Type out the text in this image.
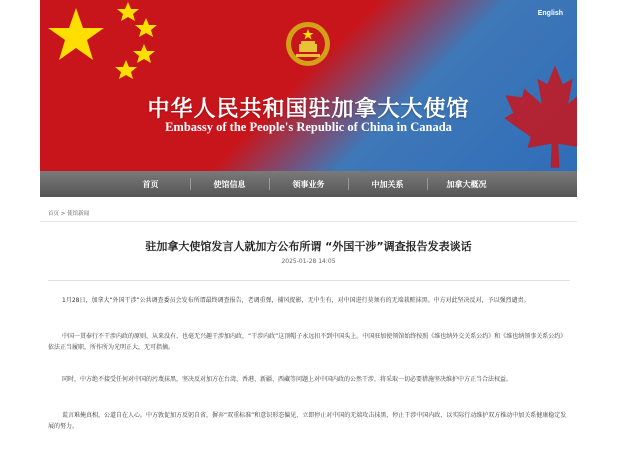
English
中华人民共和国驻加拿大大使馆
Embassy of the People's Republic of China in Canada
首页	使馆信息	领事业务	中加关系	加拿大概况
首页 > 使馆新闻
驻加拿大使馆发言人就加方公布所谓 “外国干涉”调查报告发表谈话
2025-01-28 14:05

1月28日，加拿大“外国干涉”公共调查委员会发布所谓最终调查报告，老调重弹，捕风捉影，无中生有，对中国进行莫须有的无端栽赃抹黑。中方对此坚决反对，予以强烈谴责。

中国一贯奉行不干涉内政的原则，从来没有、也毫无兴趣干涉加内政，“干涉内政”这顶帽子永远扣不到中国头上。中国驻加使领馆始终按照《维也纳外交关系公约》和《维也纳领事关系公约》依法正当履职，所作所为光明正大，无可指摘。

同时，中方绝不接受任何对中国的污蔑抹黑，坚决反对加方在台湾、香港、新疆、西藏等问题上对中国内政的公然干涉，将采取一切必要措施坚决维护中方正当合法权益。

谎言难掩真相，公道自在人心。中方敦促加方反躬自省，摒弃“双重标准”和意识形态偏见，立即停止对中国的无端攻击抹黑，停止干涉中国内政，以实际行动维护双方推动中加关系健康稳定发展的努力。
